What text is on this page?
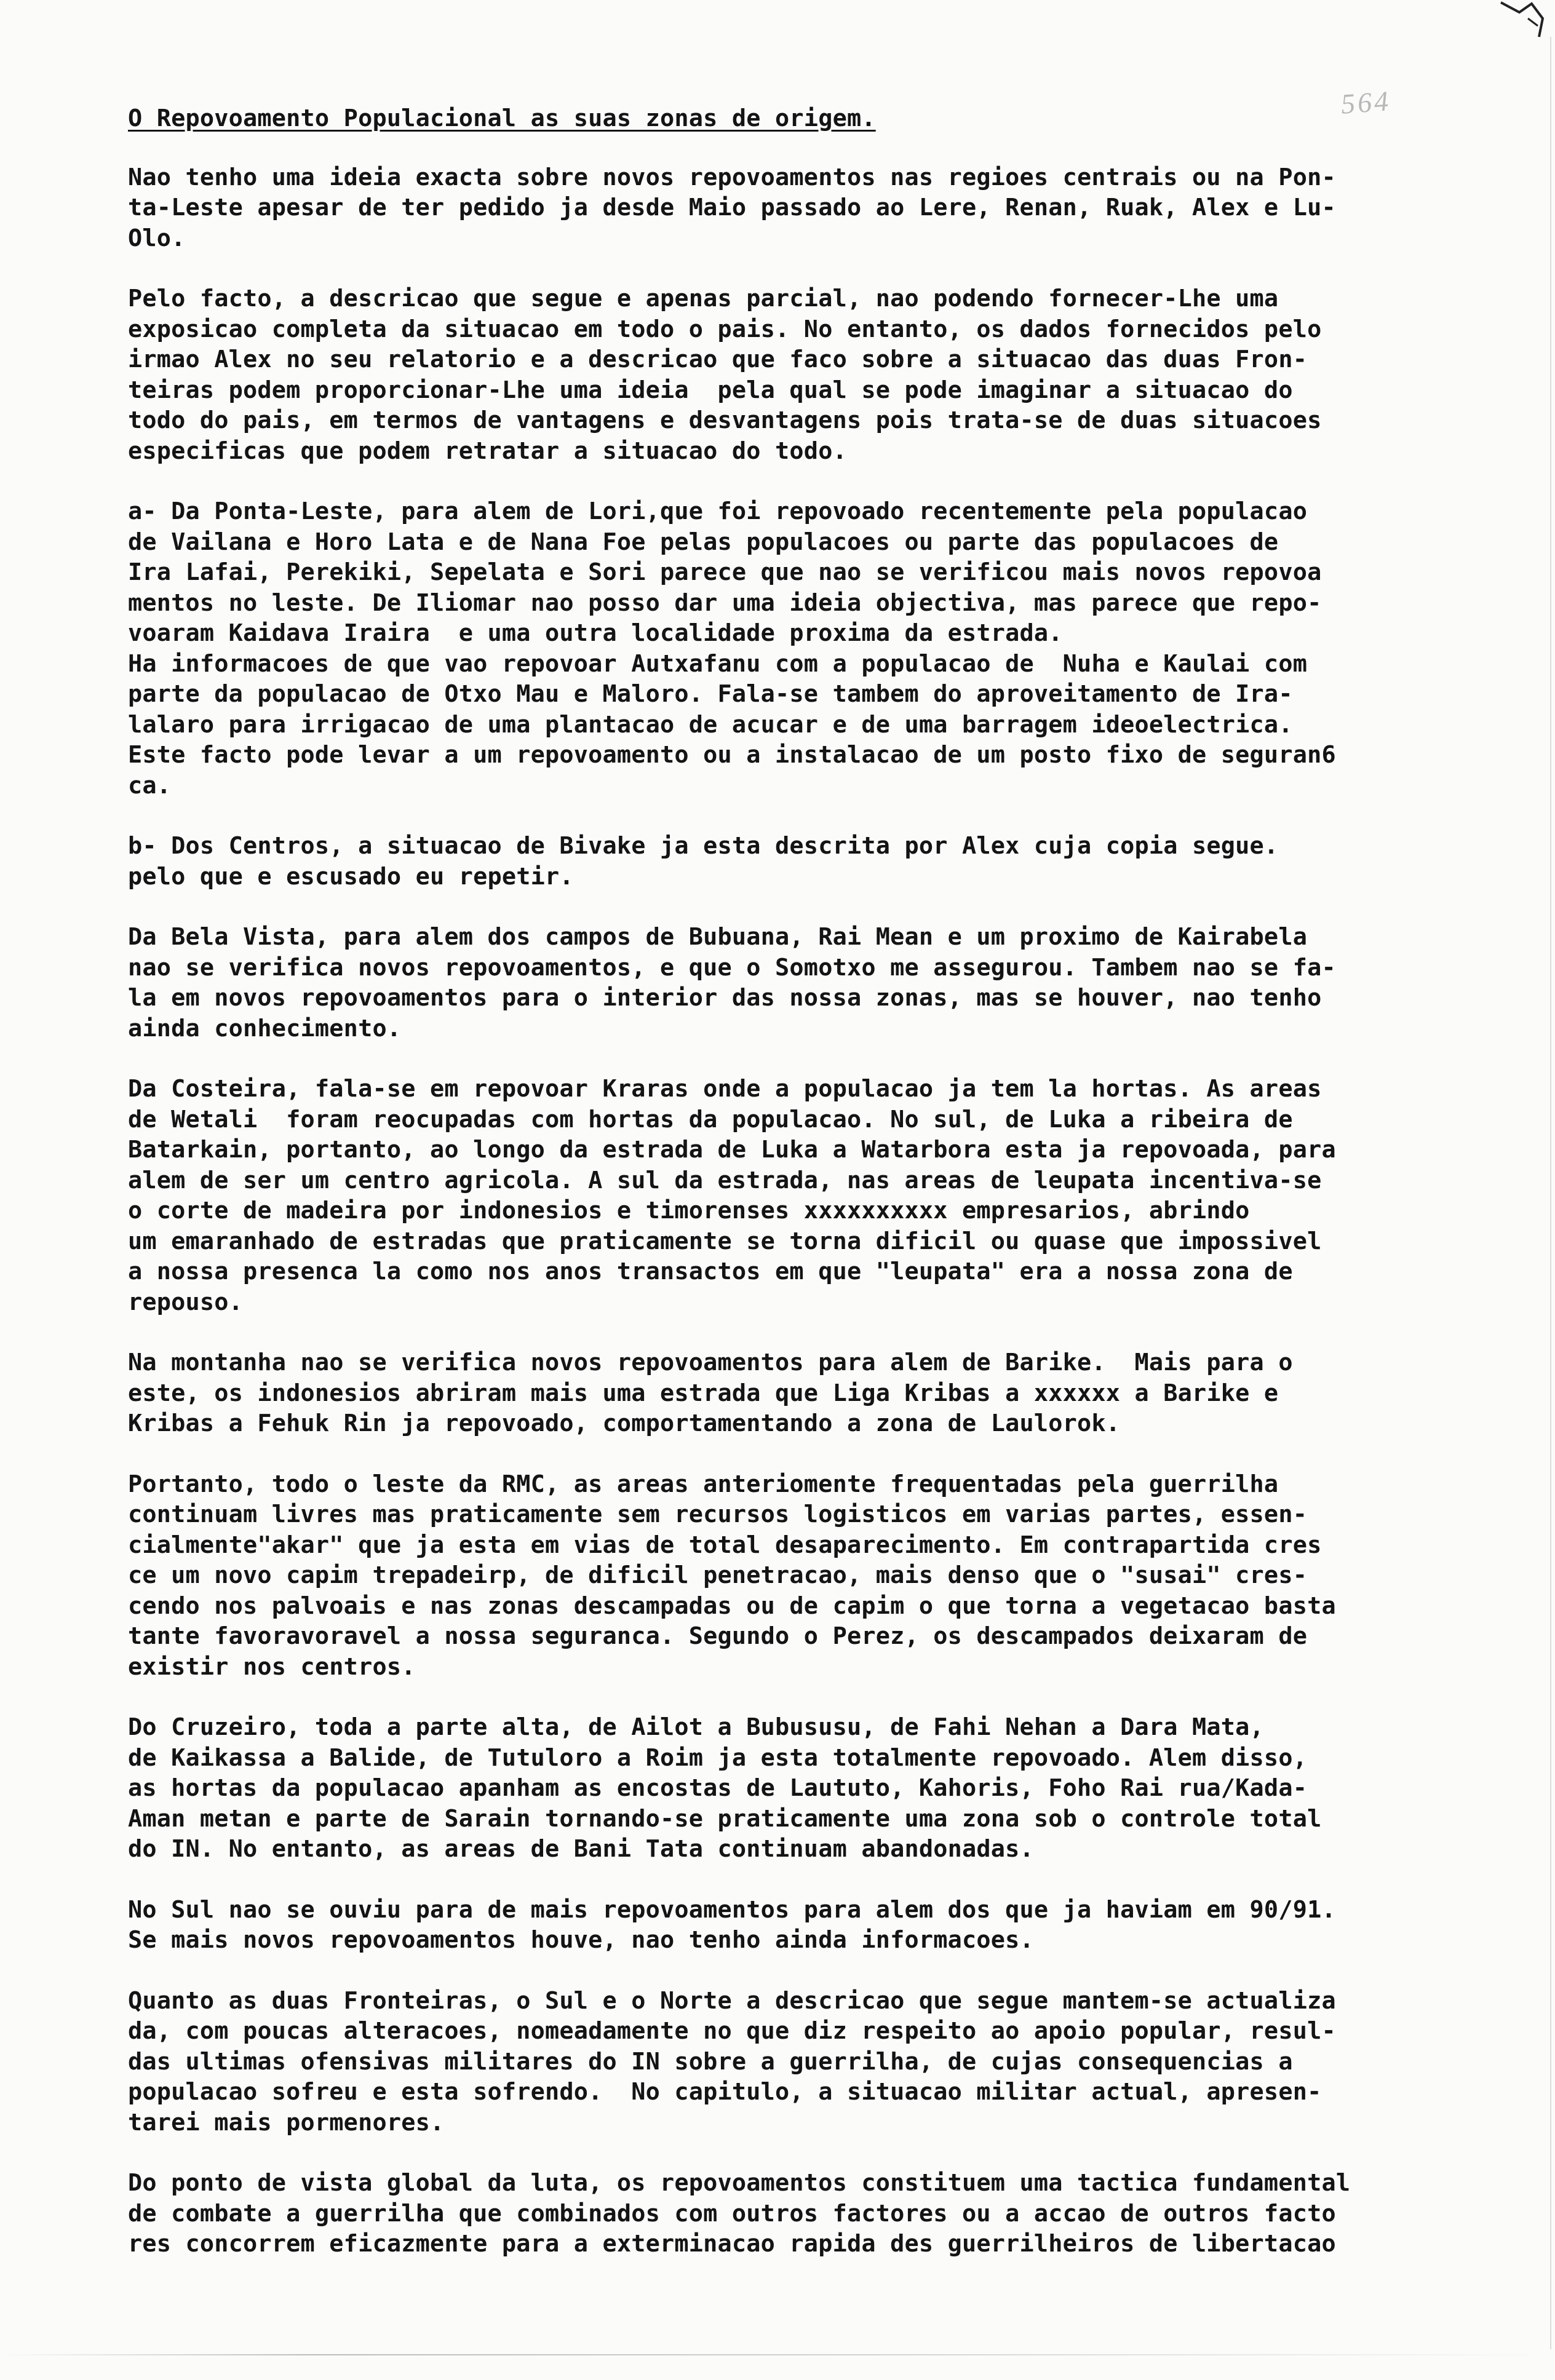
564
O Repovoamento Populacional as suas zonas de origem.
Nao tenho uma ideia exacta sobre novos repovoamentos nas regioes centrais ou na Pon-
ta-Leste apesar de ter pedido ja desde Maio passado ao Lere, Renan, Ruak, Alex e Lu-
Olo.
Pelo facto, a descricao que segue e apenas parcial, nao podendo fornecer-Lhe uma
exposicao completa da situacao em todo o pais. No entanto, os dados fornecidos pelo
irmao Alex no seu relatorio e a descricao que faco sobre a situacao das duas Fron-
teiras podem proporcionar-Lhe uma ideia  pela qual se pode imaginar a situacao do
todo do pais, em termos de vantagens e desvantagens pois trata-se de duas situacoes
especificas que podem retratar a situacao do todo.
a- Da Ponta-Leste, para alem de Lori,que foi repovoado recentemente pela populacao
de Vailana e Horo Lata e de Nana Foe pelas populacoes ou parte das populacoes de
Ira Lafai, Perekiki, Sepelata e Sori parece que nao se verificou mais novos repovoa
mentos no leste. De Iliomar nao posso dar uma ideia objectiva, mas parece que repo-
voaram Kaidava Iraira  e uma outra localidade proxima da estrada.
Ha informacoes de que vao repovoar Autxafanu com a populacao de  Nuha e Kaulai com
parte da populacao de Otxo Mau e Maloro. Fala-se tambem do aproveitamento de Ira-
lalaro para irrigacao de uma plantacao de acucar e de uma barragem ideoelectrica.
Este facto pode levar a um repovoamento ou a instalacao de um posto fixo de seguran6
ca.
b- Dos Centros, a situacao de Bivake ja esta descrita por Alex cuja copia segue.
pelo que e escusado eu repetir.
Da Bela Vista, para alem dos campos de Bubuana, Rai Mean e um proximo de Kairabela
nao se verifica novos repovoamentos, e que o Somotxo me assegurou. Tambem nao se fa-
la em novos repovoamentos para o interior das nossa zonas, mas se houver, nao tenho
ainda conhecimento.
Da Costeira, fala-se em repovoar Kraras onde a populacao ja tem la hortas. As areas
de Wetali  foram reocupadas com hortas da populacao. No sul, de Luka a ribeira de
Batarkain, portanto, ao longo da estrada de Luka a Watarbora esta ja repovoada, para
alem de ser um centro agricola. A sul da estrada, nas areas de leupata incentiva-se
o corte de madeira por indonesios e timorenses xxxxxxxxxx empresarios, abrindo
um emaranhado de estradas que praticamente se torna dificil ou quase que impossivel
a nossa presenca la como nos anos transactos em que "leupata" era a nossa zona de
repouso.
Na montanha nao se verifica novos repovoamentos para alem de Barike.  Mais para o
este, os indonesios abriram mais uma estrada que Liga Kribas a xxxxxx a Barike e
Kribas a Fehuk Rin ja repovoado, comportamentando a zona de Laulorok.
Portanto, todo o leste da RMC, as areas anteriomente frequentadas pela guerrilha
continuam livres mas praticamente sem recursos logisticos em varias partes, essen-
cialmente"akar" que ja esta em vias de total desaparecimento. Em contrapartida cres
ce um novo capim trepadeirp, de dificil penetracao, mais denso que o "susai" cres-
cendo nos palvoais e nas zonas descampadas ou de capim o que torna a vegetacao basta
tante favoravoravel a nossa seguranca. Segundo o Perez, os descampados deixaram de
existir nos centros.
Do Cruzeiro, toda a parte alta, de Ailot a Bubususu, de Fahi Nehan a Dara Mata,
de Kaikassa a Balide, de Tutuloro a Roim ja esta totalmente repovoado. Alem disso,
as hortas da populacao apanham as encostas de Laututo, Kahoris, Foho Rai rua/Kada-
Aman metan e parte de Sarain tornando-se praticamente uma zona sob o controle total
do IN. No entanto, as areas de Bani Tata continuam abandonadas.
No Sul nao se ouviu para de mais repovoamentos para alem dos que ja haviam em 90/91.
Se mais novos repovoamentos houve, nao tenho ainda informacoes.
Quanto as duas Fronteiras, o Sul e o Norte a descricao que segue mantem-se actualiza
da, com poucas alteracoes, nomeadamente no que diz respeito ao apoio popular, resul-
das ultimas ofensivas militares do IN sobre a guerrilha, de cujas consequencias a
populacao sofreu e esta sofrendo.  No capitulo, a situacao militar actual, apresen-
tarei mais pormenores.
Do ponto de vista global da luta, os repovoamentos constituem uma tactica fundamental
de combate a guerrilha que combinados com outros factores ou a accao de outros facto
res concorrem eficazmente para a exterminacao rapida des guerrilheiros de libertacao
